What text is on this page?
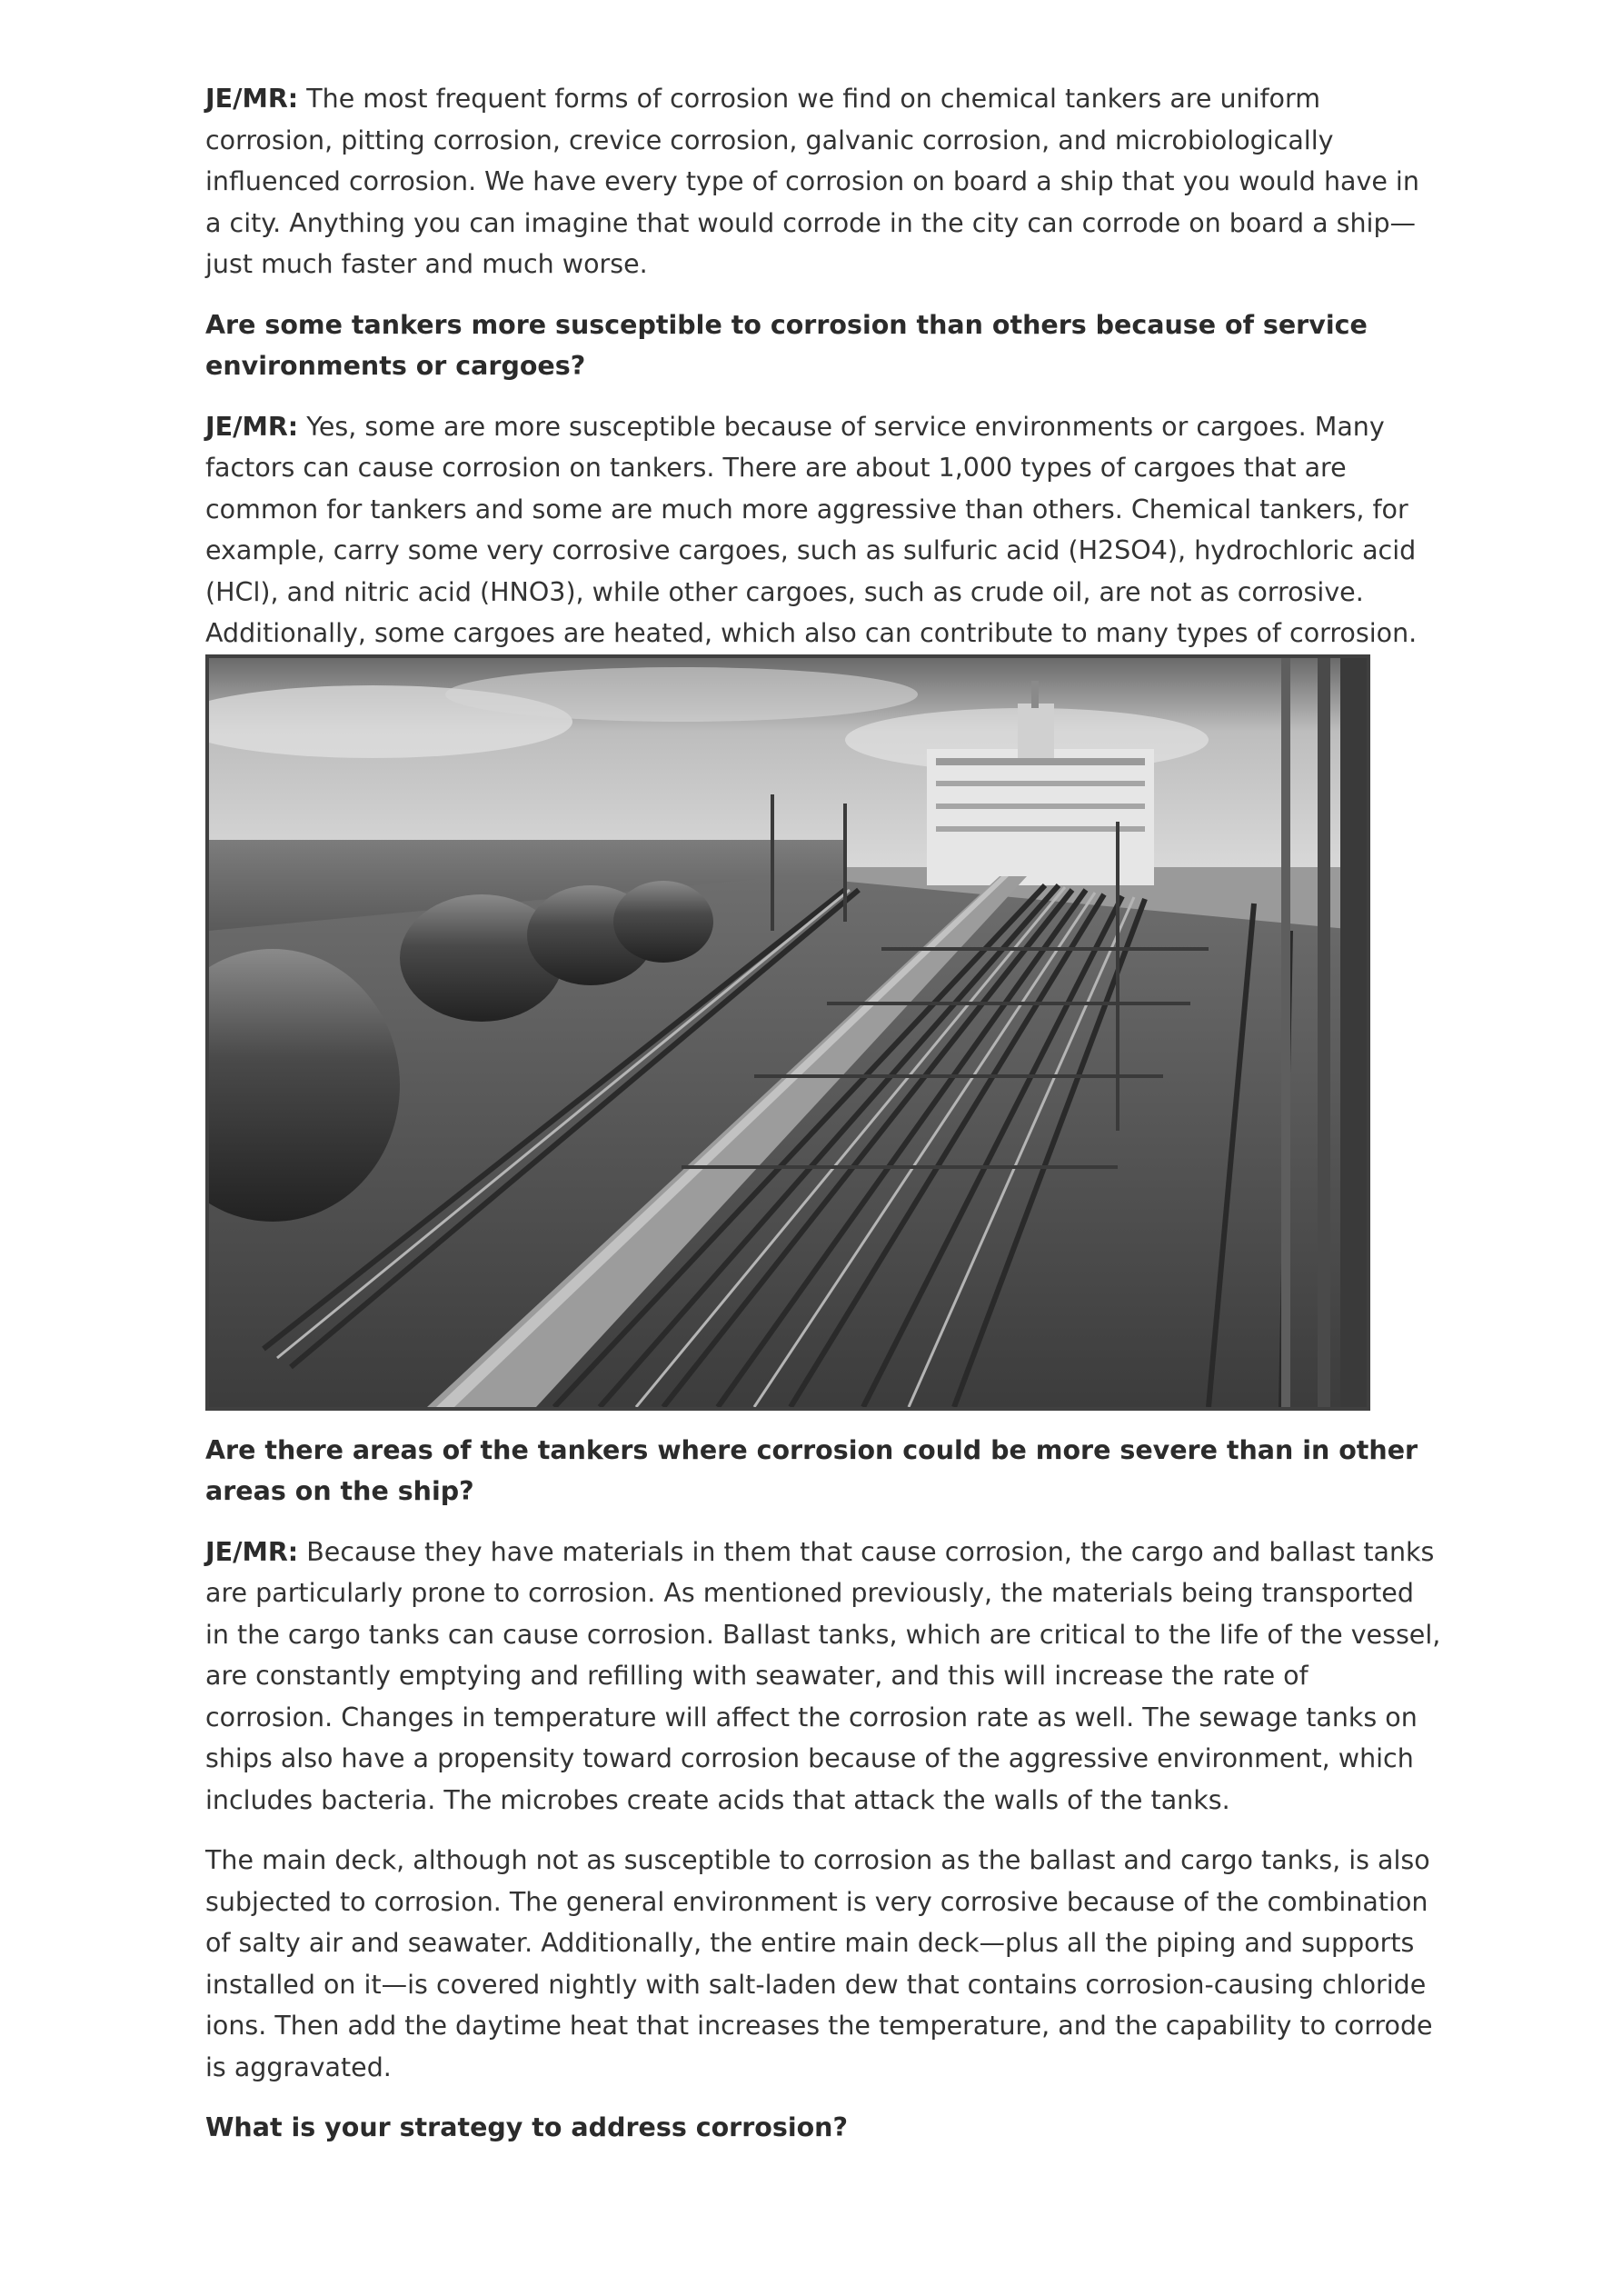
JE/MR: The most frequent forms of corrosion we find on chemical tankers are uniform corrosion, pitting corrosion, crevice corrosion, galvanic corrosion, and microbiologically influenced corrosion. We have every type of corrosion on board a ship that you would have in a city. Anything you can imagine that would corrode in the city can corrode on board a ship—just much faster and much worse.

Are some tankers more susceptible to corrosion than others because of service environments or cargoes?

JE/MR: Yes, some are more susceptible because of service environments or cargoes. Many factors can cause corrosion on tankers. There are about 1,000 types of cargoes that are common for tankers and some are much more aggressive than others. Chemical tankers, for example, carry some very corrosive cargoes, such as sulfuric acid (H2SO4), hydrochloric acid (HCl), and nitric acid (HNO3), while other cargoes, such as crude oil, are not as corrosive. Additionally, some cargoes are heated, which also can contribute to many types of corrosion.

Are there areas of the tankers where corrosion could be more severe than in other areas on the ship?

JE/MR: Because they have materials in them that cause corrosion, the cargo and ballast tanks are particularly prone to corrosion. As mentioned previously, the materials being transported in the cargo tanks can cause corrosion. Ballast tanks, which are critical to the life of the vessel, are constantly emptying and refilling with seawater, and this will increase the rate of corrosion. Changes in temperature will affect the corrosion rate as well. The sewage tanks on ships also have a propensity toward corrosion because of the aggressive environment, which includes bacteria. The microbes create acids that attack the walls of the tanks.

The main deck, although not as susceptible to corrosion as the ballast and cargo tanks, is also subjected to corrosion. The general environment is very corrosive because of the combination of salty air and seawater. Additionally, the entire main deck—plus all the piping and supports installed on it—is covered nightly with salt-laden dew that contains corrosion-causing chloride ions. Then add the daytime heat that increases the temperature, and the capability to corrode is aggravated.

What is your strategy to address corrosion?
